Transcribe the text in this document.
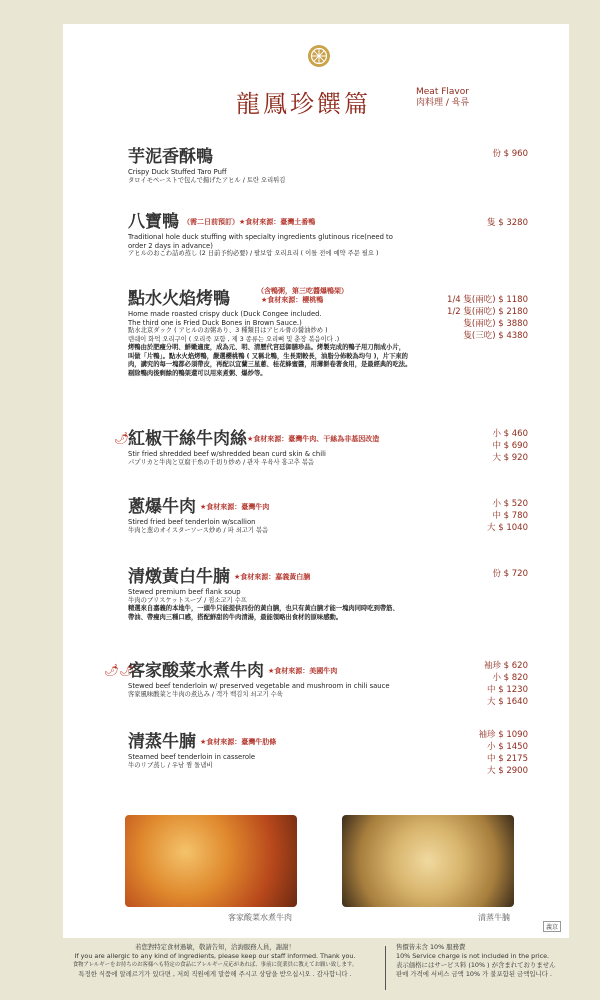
龍鳳珍饌篇	Meat Flavor
肉料理 / 육류
芋泥香酥鴨
Crispy Duck Stuffed Taro Puff
タロイモペーストで包んで揚げたアヒル / 토란 오리튀김
份 $ 960
八寶鴨 （需二日前預訂）★食材來源：臺灣土番鴨
Traditional hole duck stuffing with specialty ingredients glutinous rice(need to
order 2 days in advance)
アヒルのおこわ詰め蒸し (2 日前予約必要) / 팔보압 오리요리 ( 이틀 전에 예약 주문 필요 )
隻 $ 3280
點水火焰烤鴨	（含鴨粥，第三吃醬爆鴨架）
★食材來源：櫻桃鴨
Home made roasted crispy duck (Duck Congee included.
The third one is Fried Duck Bones in Brown Sauce.)
點水北京ダック ( アヒルのお粥あり、3 種類目はアヒル骨の醤油炒め )
덴쉐이 화억 오리구이 ( 오리죽 포함 , 제 3 종류는 오리뼈 및 춘장 볶음이다 .)
烤鴨由於肥瘦分明、鮮嫩適度，成為元、明、清歷代宮廷御膳珍品。烤製完成的鴨子用刀削成小片，
叫做「片鴨」。點水火焰烤鴨，嚴選櫻桃鴨 ( 又稱北鴨，生長期較長，油脂分佈較為均勻 )，片下來的
肉，講究的每一塊都必須帶皮，再配以宜蘭三星蔥、桂花蜂蜜醬，用薄餅卷著食用，是最經典的吃法。
剔除鴨肉後剩餘的鴨架還可以用來煮粥、爆炒等。
1/4 隻(兩吃) $ 1180
1/2 隻(兩吃) $ 2180
隻(兩吃) $ 3880
隻(三吃) $ 4380
🌶
紅椒干絲牛肉絲★食材來源：臺灣牛肉、干絲為非基因改造
Stir fried shredded beef w/shredded bean curd skin & chili
パプリカと牛肉と豆腐干糸の千切り炒め / 관자 우육사 홍고추 볶음
小 $ 460
中 $ 690
大 $ 920
蔥爆牛肉 ★食材來源：臺灣牛肉
Stired fried beef tenderloin w/scallion
牛肉と葱のオイスターソース炒め / 파 쇠고기 볶음
小 $ 520
中 $ 780
大 $ 1040
清燉黃白牛腩 ★食材來源：嘉義黃白腩
Stewed premium beef flank soup
牛肉のブリスケットスープ / 점소고기 수프
精選來自嘉義的本地牛，一頭牛只能提供四份的黃白腩，也只有黃白腩才能一塊肉同時吃到帶筋、
帶油、帶瘦肉三種口感，搭配鮮甜的牛肉清湯，最能領略出食材的原味感動。
份 $ 720
🌶🌶
客家酸菜水煮牛肉 ★食材來源：美國牛肉
Stewed beef tenderloin w/ preserved vegetable and mushroom in chili sauce
客家風味酸菜と牛肉の煮込み / 객가 백김치 쇠고기 수육
袖珍 $ 620
小 $ 820
中 $ 1230
大 $ 1640
清蒸牛腩 ★食材來源：臺灣牛肋條
Steamed beef tenderloin in casserole
牛のリブ蒸し / 우남 찜 돌냄비
袖珍 $ 1090
小 $ 1450
中 $ 2175
大 $ 2900
客家酸菜水煮牛肉	清蒸牛腩
義京
若您對特定食材過敏，敬請告知，洽詢服務人員，謝謝！
If you are allergic to any kind of ingredients, please keep our staff informed. Thank you.
食物アレルギーをお持ちのお客様へも特定の食品にアレルギー反応があれば、事前に従業員に教えてお願い致します。
특정한 식품에 알레르기가 있다면 , 저희 직원에게 말씀해 주시고 상담을 받으십시오 . 감사합니다 .
售價皆未含 10% 服務費
10% Service charge is not included in the price.
表示価格にはサービス料 (10% ) が含まれておりません
판매 가격에 서비스 금액 10% 가 불포함된 금액입니다 .
